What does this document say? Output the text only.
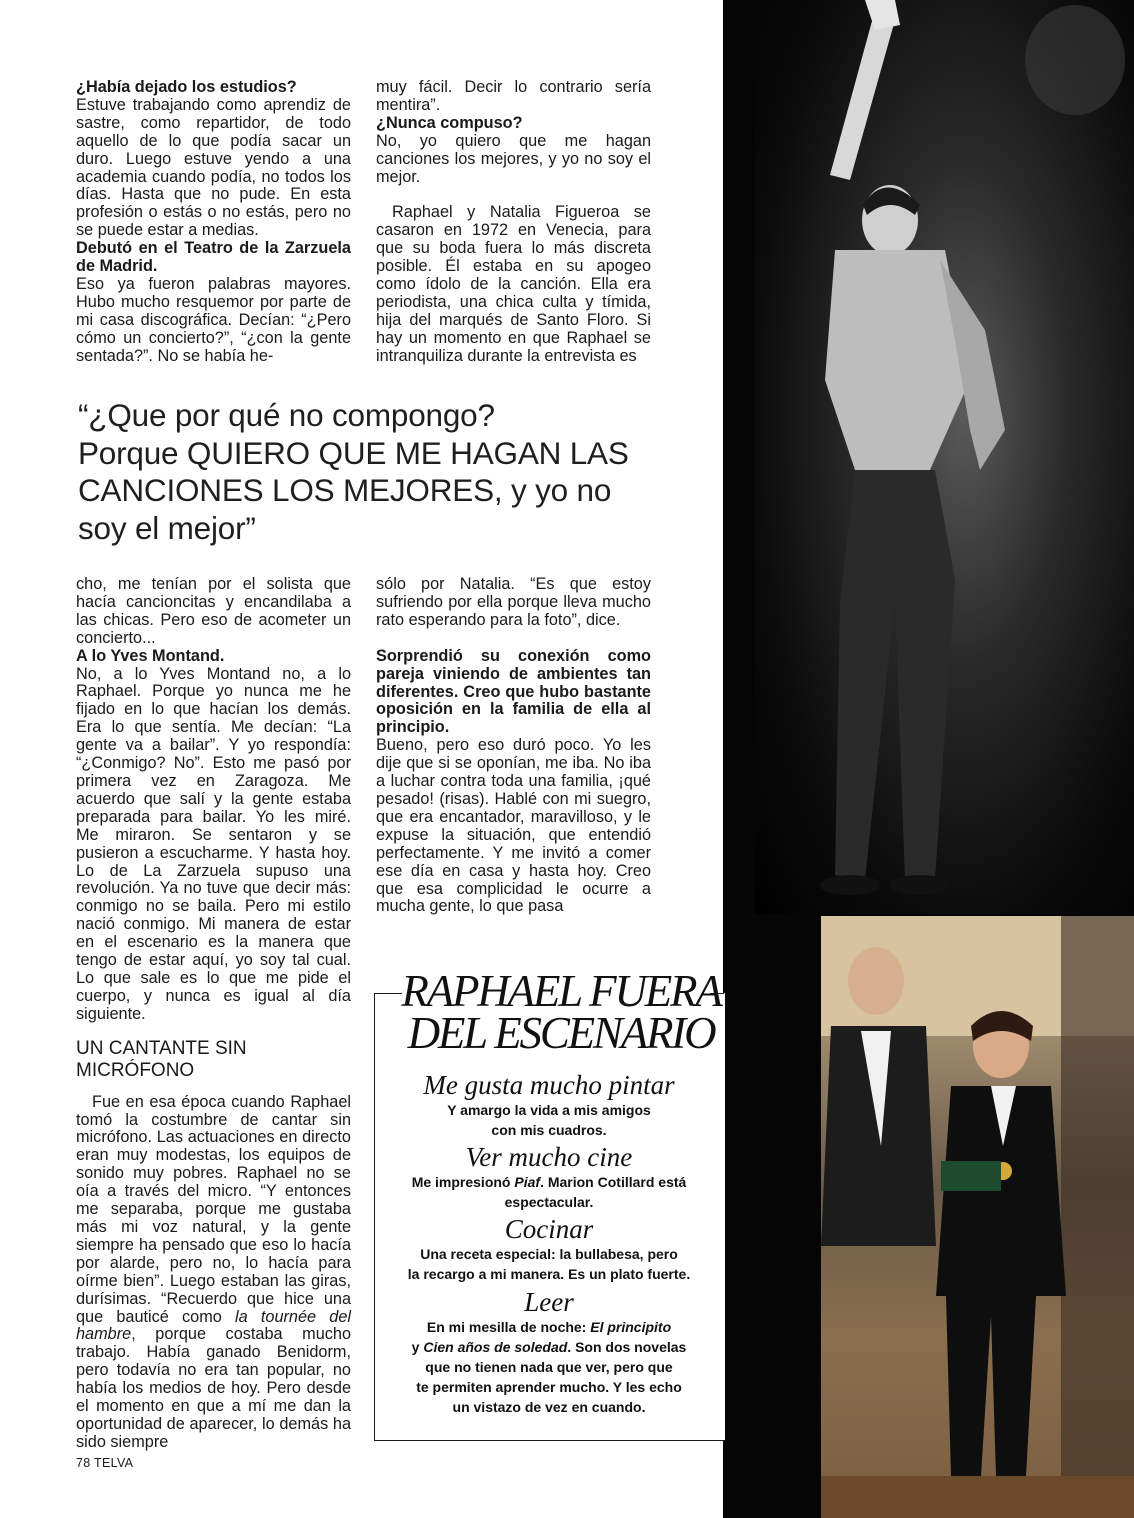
¿Había dejado los estudios?

Estuve trabajando como aprendiz de sastre, como repartidor, de todo aquello de lo que podía sacar un duro. Luego estuve yendo a una academia cuando podía, no todos los días. Hasta que no pude. En esta profesión o estás o no estás, pero no se puede estar a medias.

Debutó en el Teatro de la Zarzuela de Madrid.

Eso ya fueron palabras mayores. Hubo mucho resquemor por parte de mi casa discográfica. Decían: “¿Pero cómo un concierto?”, “¿con la gente sentada?”. No se había he-

muy fácil. Decir lo contrario sería mentira”.

¿Nunca compuso?

No, yo quiero que me hagan canciones los mejores, y yo no soy el mejor.

Raphael y Natalia Figueroa se casaron en 1972 en Venecia, para que su boda fuera lo más discreta posible. Él estaba en su apogeo como ídolo de la canción. Ella era periodista, una chica culta y tímida, hija del marqués de Santo Floro. Si hay un momento en que Raphael se intranquiliza durante la entrevista es

“¿Que por qué no compongo?

Porque QUIERO QUE ME HAGAN LAS

CANCIONES LOS MEJORES, y yo no

soy el mejor”

cho, me tenían por el solista que hacía cancioncitas y encandilaba a las chicas. Pero eso de acometer un concierto...

A lo Yves Montand.

No, a lo Yves Montand no, a lo Raphael. Porque yo nunca me he fijado en lo que hacían los demás. Era lo que sentía. Me decían: “La gente va a bailar”. Y yo respondía: “¿Conmigo? No”. Esto me pasó por primera vez en Zaragoza. Me acuerdo que salí y la gente estaba preparada para bailar. Yo les miré. Me miraron. Se sentaron y se pusieron a escucharme. Y hasta hoy. Lo de La Zarzuela supuso una revolución. Ya no tuve que decir más: conmigo no se baila. Pero mi estilo nació conmigo. Mi manera de estar en el escenario es la manera que tengo de estar aquí, yo soy tal cual. Lo que sale es lo que me pide el cuerpo, y nunca es igual al día siguiente.

UN CANTANTE SIN MICRÓFONO

Fue en esa época cuando Raphael tomó la costumbre de cantar sin micrófono. Las actuaciones en directo eran muy modestas, los equipos de sonido muy pobres. Raphael no se oía a través del micro. “Y entonces me separaba, porque me gustaba más mi voz natural, y la gente siempre ha pensado que eso lo hacía por alarde, pero no, lo hacía para oírme bien”. Luego estaban las giras, durísimas. “Recuerdo que hice una que bauticé como la tournée del hambre, porque costaba mucho trabajo. Había ganado Benidorm, pero todavía no era tan popular, no había los medios de hoy. Pero desde el momento en que a mí me dan la oportunidad de aparecer, lo demás ha sido siempre

sólo por Natalia. “Es que estoy sufriendo por ella porque lleva mucho rato esperando para la foto”, dice.

Sorprendió su conexión como pareja viniendo de ambientes tan diferentes. Creo que hubo bastante oposición en la familia de ella al principio.

Bueno, pero eso duró poco. Yo les dije que si se oponían, me iba. No iba a luchar contra toda una familia, ¡qué pesado! (risas). Hablé con mi suegro, que era encantador, maravilloso, y le expuse la situación, que entendió perfectamente. Y me invitó a comer ese día en casa y hasta hoy. Creo que esa complicidad le ocurre a mucha gente, lo que pasa

RAPHAEL FUERA
DEL ESCENARIO
Me gusta mucho pintar
Y amargo la vida a mis amigos
con mis cuadros.
Ver mucho cine
Me impresionó Piaf. Marion Cotillard está
espectacular.
Cocinar
Una receta especial: la bullabesa, pero
la recargo a mi manera. Es un plato fuerte.
Leer
En mi mesilla de noche: El principito
y Cien años de soledad. Son dos novelas
que no tienen nada que ver, pero que
te permiten aprender mucho. Y les echo
un vistazo de vez en cuando.
78 TELVA
